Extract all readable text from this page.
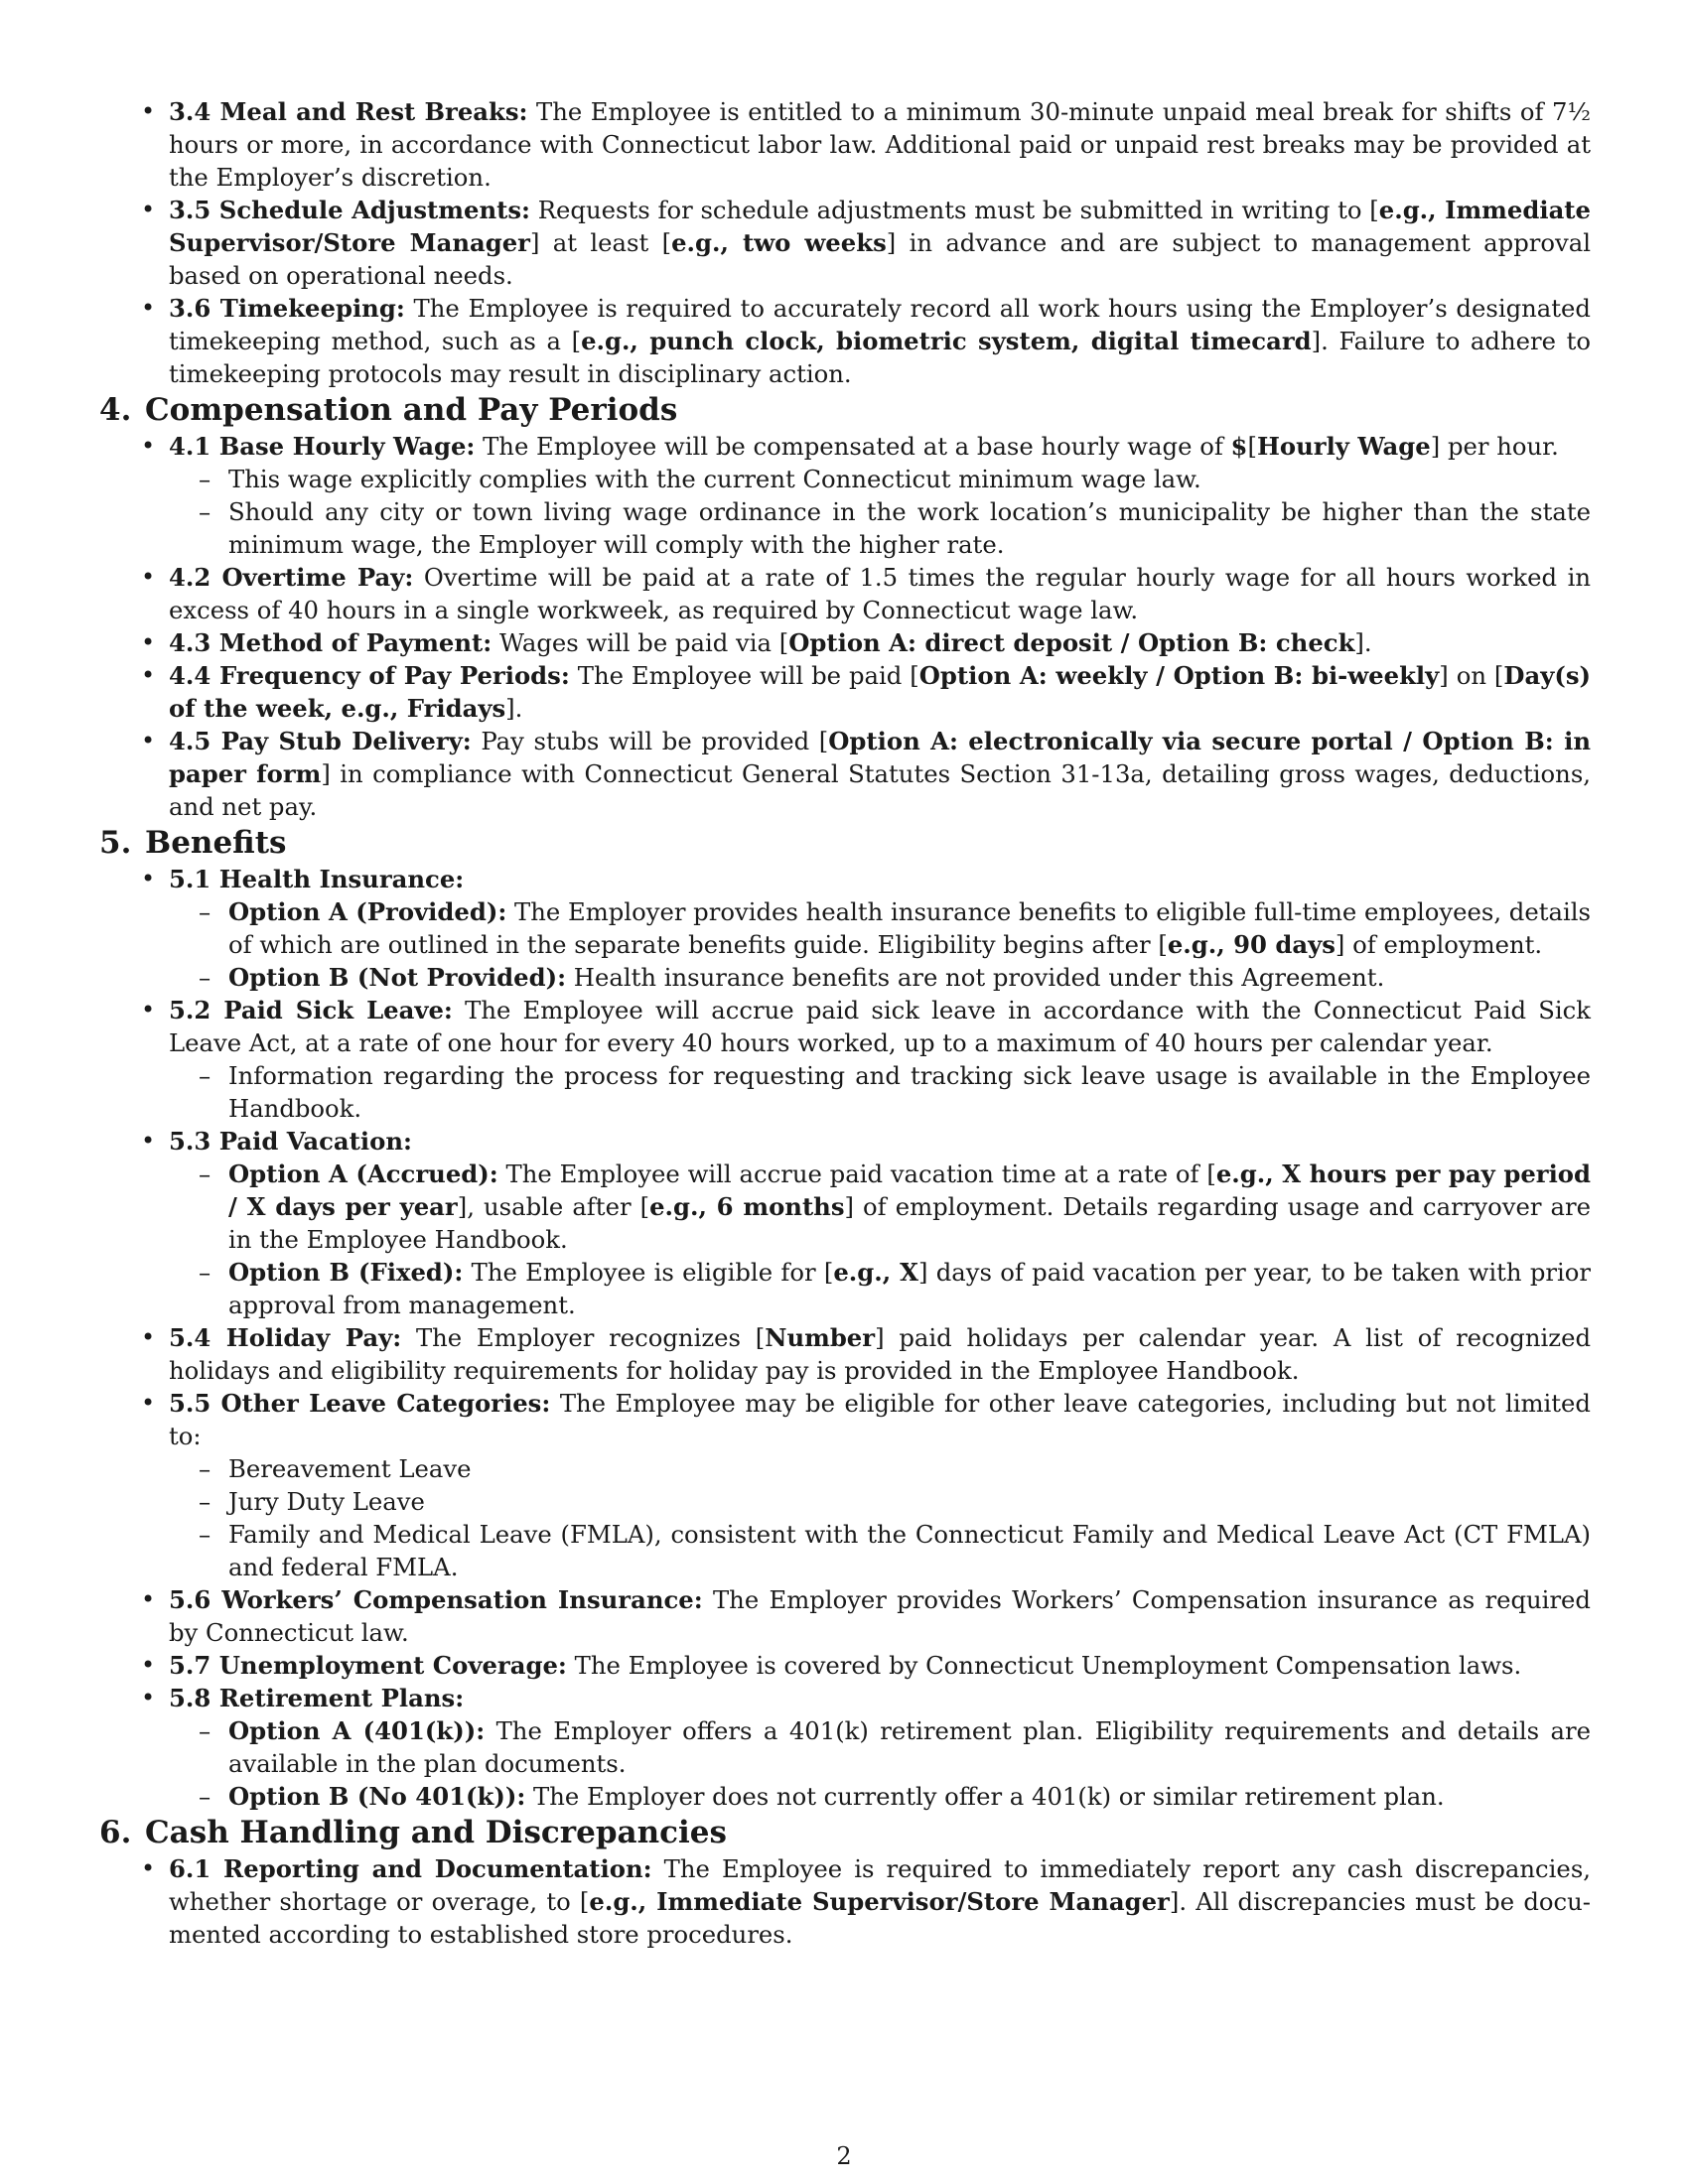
• 3.4 Meal and Rest Breaks: The Employee is entitled to a minimum 30-minute unpaid meal break for shifts of 7½ hours or more, in accordance with Connecticut labor law. Additional paid or unpaid rest breaks may be provided at the Employer’s discretion.
• 3.5 Schedule Adjustments: Requests for schedule adjustments must be submitted in writing to [e.g., Immediate Supervisor/Store Manager] at least [e.g., two weeks] in advance and are subject to management approval based on operational needs.
• 3.6 Timekeeping: The Employee is required to accurately record all work hours using the Employer’s designated timekeeping method, such as a [e.g., punch clock, biometric system, digital timecard]. Failure to adhere to timekeeping protocols may result in disciplinary action.
4. Compensation and Pay Periods
• 4.1 Base Hourly Wage: The Employee will be compensated at a base hourly wage of $[Hourly Wage] per hour.
– This wage explicitly complies with the current Connecticut minimum wage law.
– Should any city or town living wage ordinance in the work location’s municipality be higher than the state minimum wage, the Employer will comply with the higher rate.
• 4.2 Overtime Pay: Overtime will be paid at a rate of 1.5 times the regular hourly wage for all hours worked in excess of 40 hours in a single workweek, as required by Connecticut wage law.
• 4.3 Method of Payment: Wages will be paid via [Option A: direct deposit / Option B: check].
• 4.4 Frequency of Pay Periods: The Employee will be paid [Option A: weekly / Option B: bi-weekly] on [Day(s) of the week, e.g., Fridays].
• 4.5 Pay Stub Delivery: Pay stubs will be provided [Option A: electronically via secure portal / Option B: in paper form] in compliance with Connecticut General Statutes Section 31-13a, detailing gross wages, deductions, and net pay.
5. Benefits
• 5.1 Health Insurance:
– Option A (Provided): The Employer provides health insurance benefits to eligible full-time employees, details of which are outlined in the separate benefits guide. Eligibility begins after [e.g., 90 days] of employment.
– Option B (Not Provided): Health insurance benefits are not provided under this Agreement.
• 5.2 Paid Sick Leave: The Employee will accrue paid sick leave in accordance with the Connecticut Paid Sick Leave Act, at a rate of one hour for every 40 hours worked, up to a maximum of 40 hours per calendar year.
– Information regarding the process for requesting and tracking sick leave usage is available in the Employee Handbook.
• 5.3 Paid Vacation:
– Option A (Accrued): The Employee will accrue paid vacation time at a rate of [e.g., X hours per pay period / X days per year], usable after [e.g., 6 months] of employment. Details regarding usage and carryover are in the Employee Handbook.
– Option B (Fixed): The Employee is eligible for [e.g., X] days of paid vacation per year, to be taken with prior approval from management.
• 5.4 Holiday Pay: The Employer recognizes [Number] paid holidays per calendar year. A list of recognized holidays and eligibility requirements for holiday pay is provided in the Employee Handbook.
• 5.5 Other Leave Categories: The Employee may be eligible for other leave categories, including but not limited to:
– Bereavement Leave
– Jury Duty Leave
– Family and Medical Leave (FMLA), consistent with the Connecticut Family and Medical Leave Act (CT FMLA) and federal FMLA.
• 5.6 Workers’ Compensation Insurance: The Employer provides Workers’ Compensation insurance as required by Connecticut law.
• 5.7 Unemployment Coverage: The Employee is covered by Connecticut Unemployment Compensation laws.
• 5.8 Retirement Plans:
– Option A (401(k)): The Employer offers a 401(k) retirement plan. Eligibility requirements and details are available in the plan documents.
– Option B (No 401(k)): The Employer does not currently offer a 401(k) or similar retirement plan.
6. Cash Handling and Discrepancies
• 6.1 Reporting and Documentation: The Employee is required to immediately report any cash discrepancies, whether shortage or overage, to [e.g., Immediate Supervisor/Store Manager]. All discrepancies must be documented according to established store procedures.
2
